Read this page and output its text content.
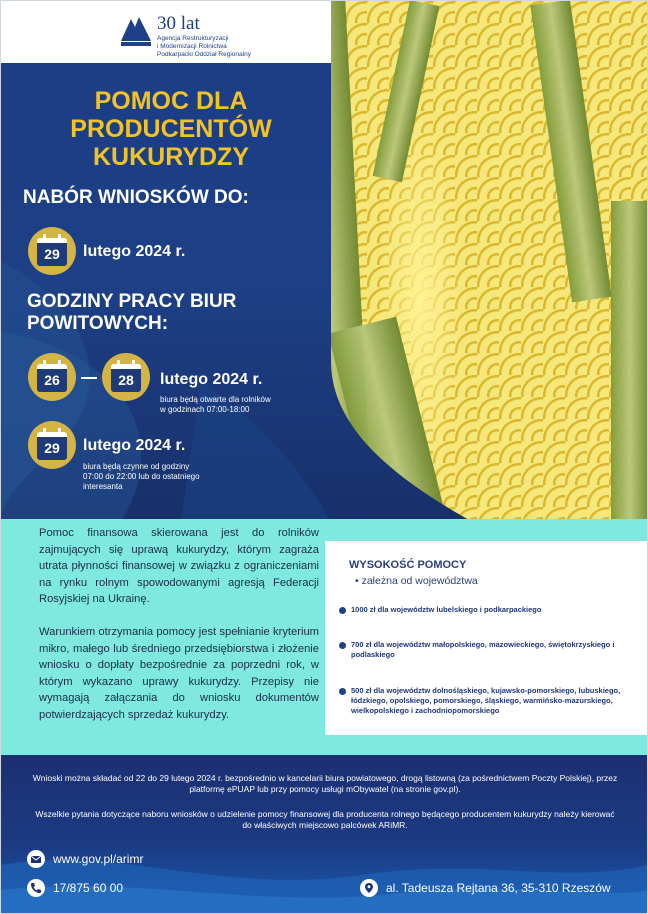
30 lat
Agencja Restrukturyzacji
i Modernizacji Rolnictwa
Podkarpacki Oddział Regionalny
POMOC DLA PRODUCENTÓW KUKURYDZY
NABÓR WNIOSKÓW DO:
29	lutego 2024 r.
GODZINY PRACY BIUR
POWITOWYCH:
26	28	lutego 2024 r.
biura będą otwarte dla rolników
w godzinach 07:00-18:00
29	lutego 2024 r.
biura będą czynne od godziny
07:00 do 22:00 lub do ostatniego
interesanta

Pomoc finansowa skierowana jest do rolników zajmujących się uprawą kukurydzy, którym zagraża utrata płynności finansowej w związku z ograniczeniami na rynku rolnym spowodowanymi agresją Federacji Rosyjskiej na Ukrainę.

Warunkiem otrzymania pomocy jest spełnianie kryterium mikro, małego lub średniego przedsiębiorstwa i złożenie wniosku o dopłaty bezpośrednie za poprzedni rok, w którym wykazano uprawy kukurydzy. Przepisy nie wymagają załączania do wniosku dokumentów potwierdzających sprzedaż kukurydzy.

WYSOKOŚĆ POMOCY
• zależna od województwa
1000 zł dla województw lubelskiego i podkarpackiego
700 zł dla województw małopolskiego, mazowieckiego, świętokrzyskiego i podlaskiego
500 zł dla województw dolnośląskiego, kujawsko-pomorskiego, lubuskiego, łódzkiego, opolskiego, pomorskiego, śląskiego, warmińsko-mazurskiego, wielkopolskiego i zachodniopomorskiego
Wnioski można składać od 22 do 29 lutego 2024 r. bezpośrednio w kancelarii biura powiatowego, drogą listowną (za pośrednictwem Poczty Polskiej), przez platformę ePUAP lub przy pomocy usługi mObywatel (na stronie gov.pl).
Wszelkie pytania dotyczące naboru wniosków o udzielenie pomocy finansowej dla producenta rolnego będącego producentem kukurydzy należy kierować do właściwych miejscowo palcówek ARiMR.
www.gov.pl/arimr
17/875 60 00	al. Tadeusza Rejtana 36, 35-310 Rzeszów
